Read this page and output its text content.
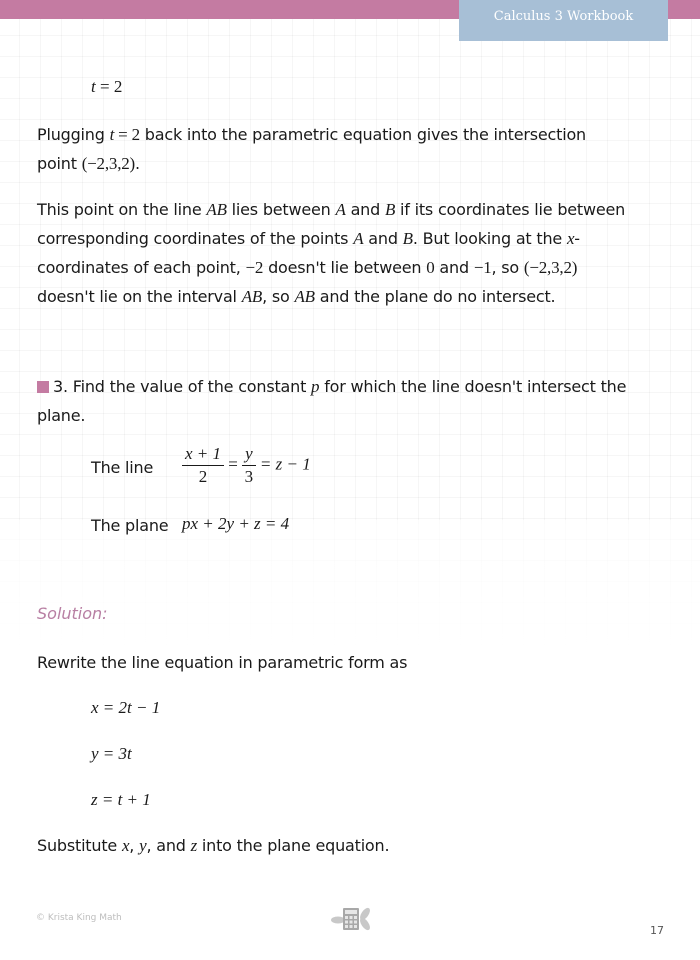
Calculus 3 Workbook
t = 2
Plugging t = 2 back into the parametric equation gives the intersection
point (−2,3,2).
This point on the line AB lies between A and B if its coordinates lie between
corresponding coordinates of the points A and B. But looking at the x-
coordinates of each point, −2 doesn't lie between 0 and −1, so (−2,3,2)
doesn't lie on the interval AB, so AB and the plane do no intersect.
3. Find the value of the constant p for which the line doesn't intersect the
plane.
The line $\frac{x + 1}{2} = \frac{y}{3} = z - 1$
The plane px + 2y + z = 4
Solution:
Rewrite the line equation in parametric form as
x = 2t − 1
y = 3t
z = t + 1
Substitute x, y, and z into the plane equation.
© Krista King Math
17
